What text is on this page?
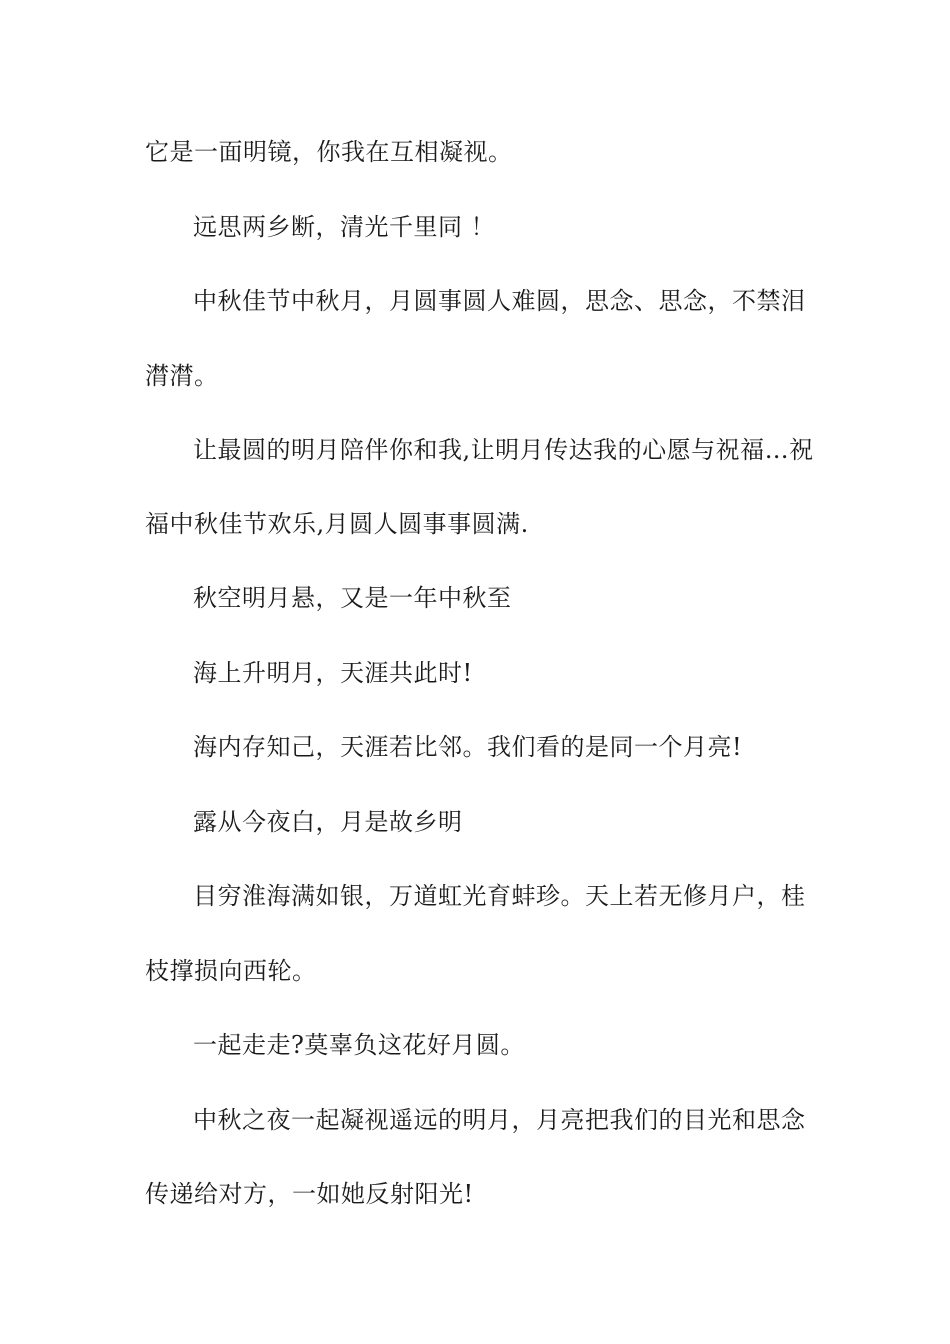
它是一面明镜，你我在互相凝视。
远思两乡断，清光千里同 ！
中秋佳节中秋月，月圆事圆人难圆，思念、思念，不禁泪
潸潸。
让最圆的明月陪伴你和我,让明月传达我的心愿与祝福…祝
福中秋佳节欢乐,月圆人圆事事圆满.
秋空明月悬，又是一年中秋至
海上升明月，天涯共此时!
海内存知己，天涯若比邻。我们看的是同一个月亮!
露从今夜白，月是故乡明
目穷淮海满如银，万道虹光育蚌珍。天上若无修月户，桂
枝撑损向西轮。
一起走走?莫辜负这花好月圆。
中秋之夜一起凝视遥远的明月，月亮把我们的目光和思念
传递给对方，一如她反射阳光!
